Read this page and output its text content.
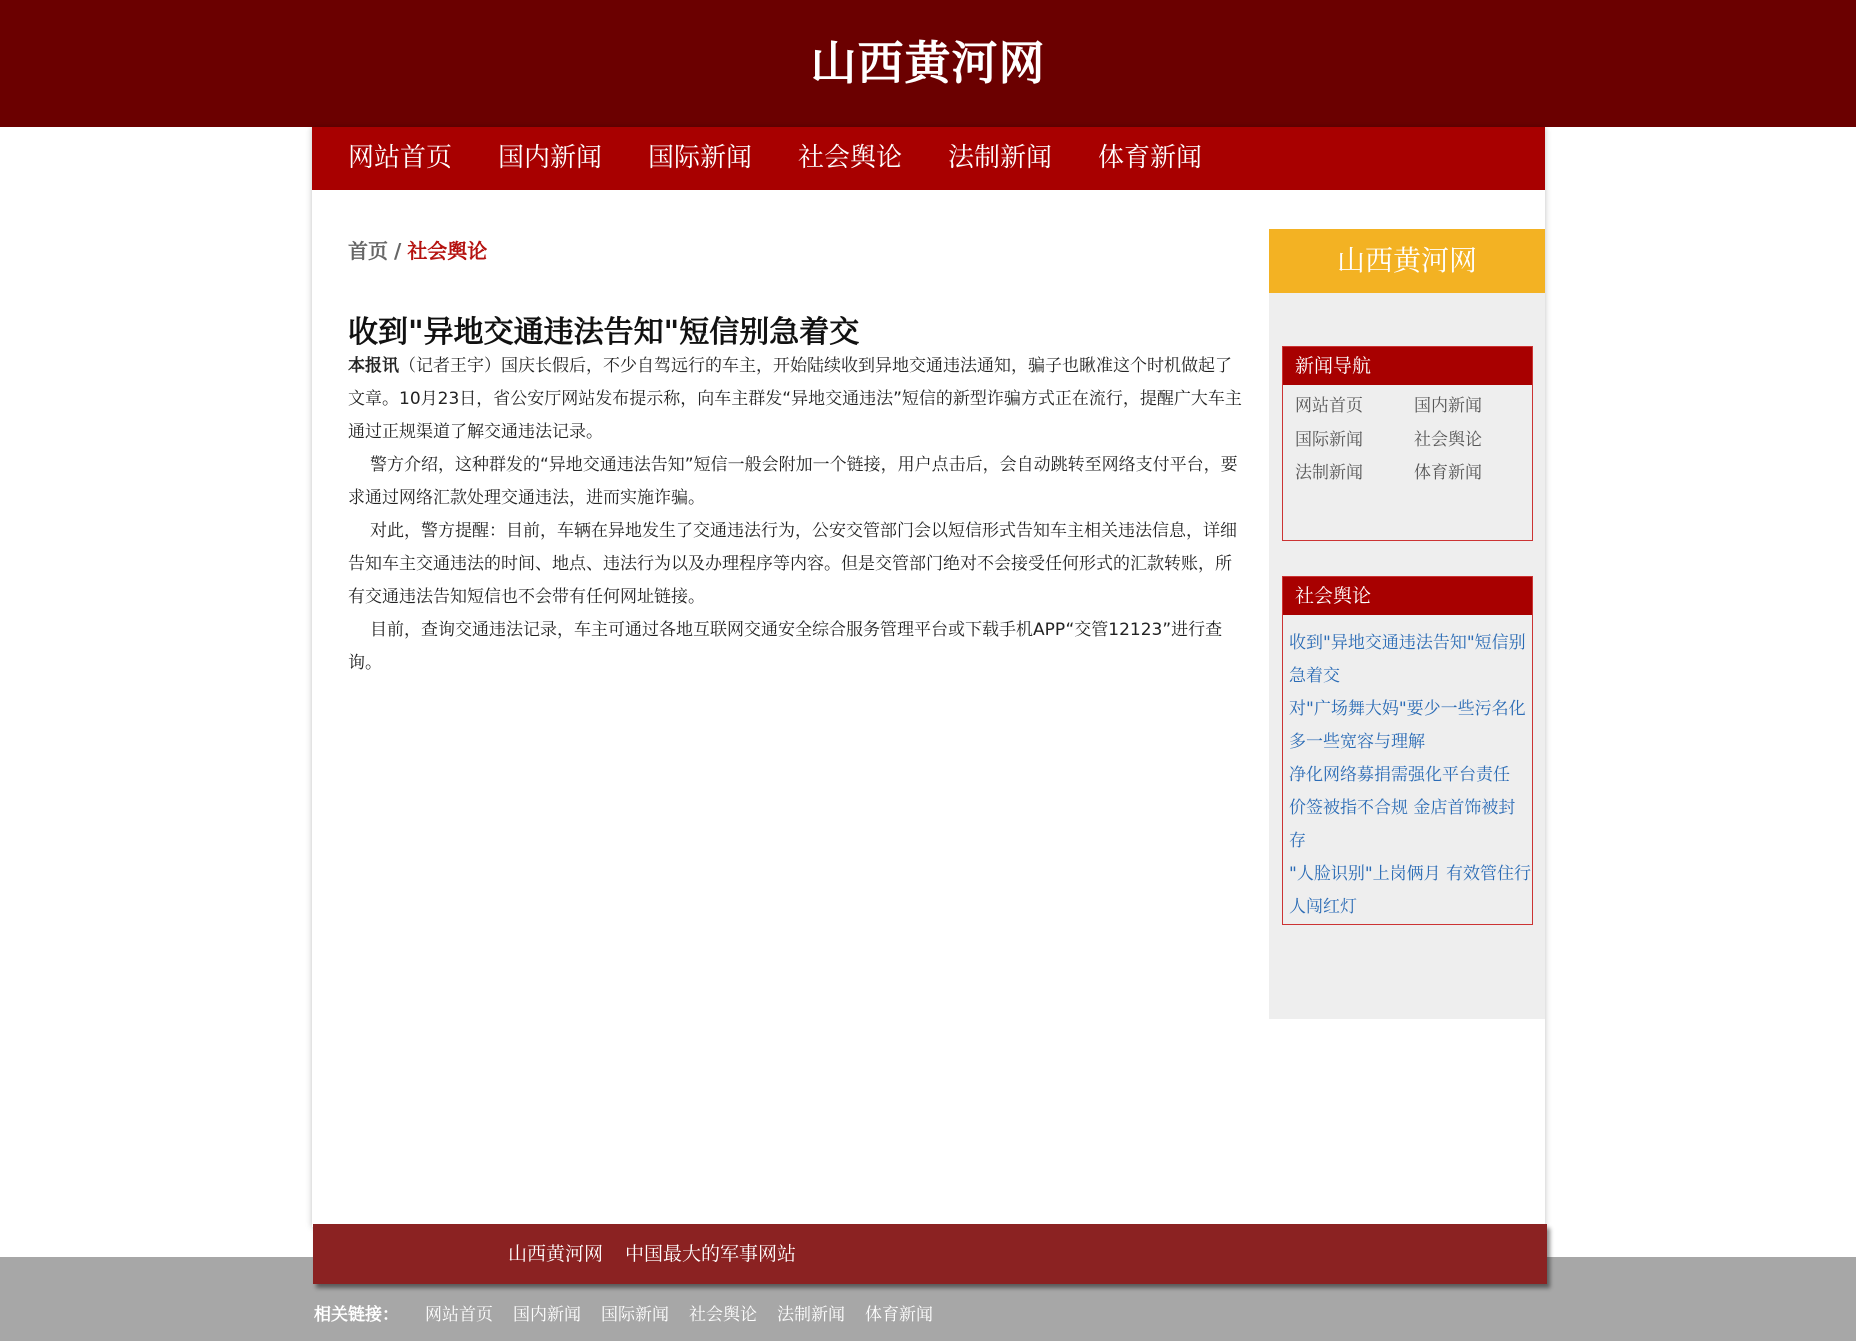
山西黄河网
网站首页 国内新闻 国际新闻 社会舆论 法制新闻 体育新闻
首页 / 社会舆论
收到"异地交通违法告知"短信别急着交

本报讯（记者王宇）国庆长假后，不少自驾远行的车主，开始陆续收到异地交通违法通知，骗子也瞅准这个时机做起了文章。10月23日，省公安厅网站发布提示称，向车主群发“异地交通违法”短信的新型诈骗方式正在流行，提醒广大车主通过正规渠道了解交通违法记录。

警方介绍，这种群发的“异地交通违法告知”短信一般会附加一个链接，用户点击后，会自动跳转至网络支付平台，要求通过网络汇款处理交通违法，进而实施诈骗。

对此，警方提醒：目前，车辆在异地发生了交通违法行为，公安交管部门会以短信形式告知车主相关违法信息，详细告知车主交通违法的时间、地点、违法行为以及办理程序等内容。但是交管部门绝对不会接受任何形式的汇款转账，所有交通违法告知短信也不会带有任何网址链接。

目前，查询交通违法记录，车主可通过各地互联网交通安全综合服务管理平台或下载手机APP“交管12123”进行查询。

山西黄河网
新闻导航
网站首页	国内新闻
国际新闻	社会舆论
法制新闻	体育新闻
社会舆论
收到"异地交通违法告知"短信别急着交
对"广场舞大妈"要少一些污名化多一些宽容与理解
净化网络募捐需强化平台责任
价签被指不合规 金店首饰被封存
"人脸识别"上岗俩月 有效管住行人闯红灯
山西黄河网 中国最大的军事网站
相关链接： 网站首页 国内新闻 国际新闻 社会舆论 法制新闻 体育新闻
